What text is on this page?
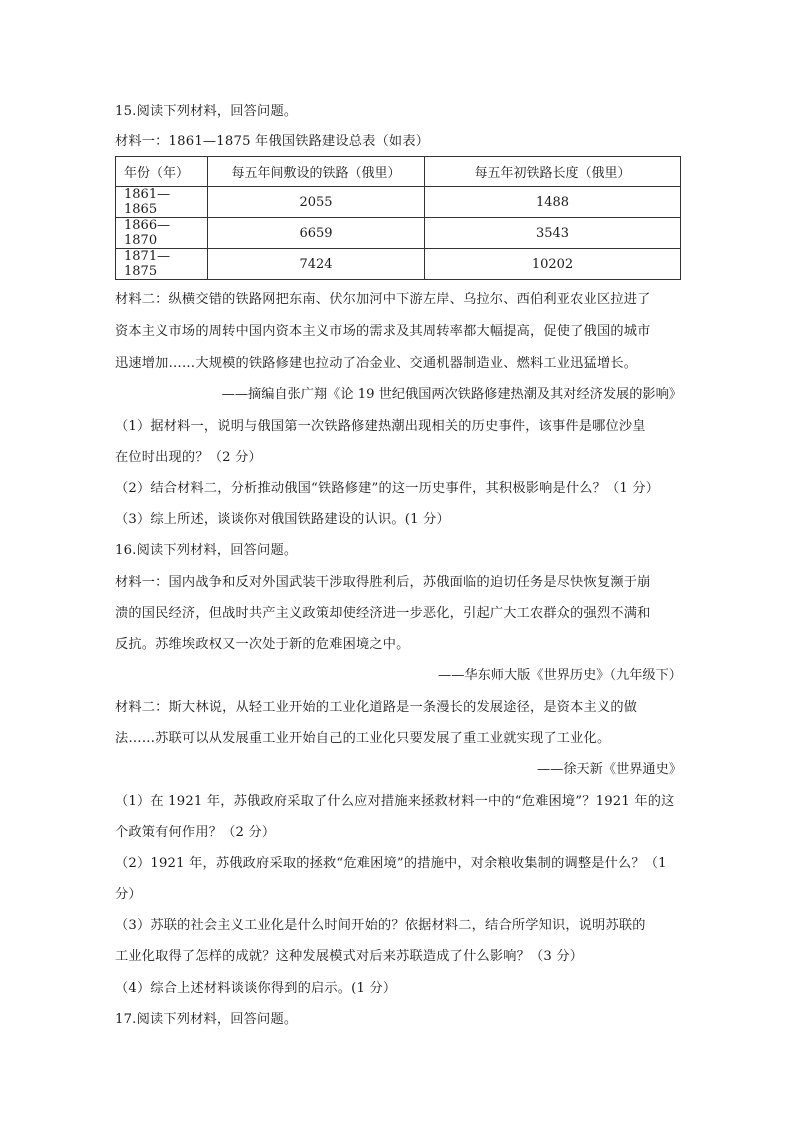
15.阅读下列材料，回答问题。
材料一：1861—1875 年俄国铁路建设总表（如表）
年份（年）	每五年间敷设的铁路（俄里）	每五年初铁路长度（俄里）
1861—1865	2055	1488
1866—1870	6659	3543
1871—1875	7424	10202
材料二：纵横交错的铁路网把东南、伏尔加河中下游左岸、乌拉尔、西伯利亚农业区拉进了
资本主义市场的周转中国内资本主义市场的需求及其周转率都大幅提高，促使了俄国的城市
迅速增加……大规模的铁路修建也拉动了冶金业、交通机器制造业、燃料工业迅猛增长。
——摘编自张广翔《论 19 世纪俄国两次铁路修建热潮及其对经济发展的影响》
（1）据材料一，说明与俄国第一次铁路修建热潮出现相关的历史事件，该事件是哪位沙皇
在位时出现的？（2 分）
（2）结合材料二，分析推动俄国“铁路修建”的这一历史事件，其积极影响是什么？（1 分）
（3）综上所述，谈谈你对俄国铁路建设的认识。(1 分）
16.阅读下列材料，回答问题。
材料一：国内战争和反对外国武装干涉取得胜利后，苏俄面临的迫切任务是尽快恢复濒于崩
溃的国民经济，但战时共产主义政策却使经济进一步恶化，引起广大工农群众的强烈不满和
反抗。苏维埃政权又一次处于新的危难困境之中。
——华东师大版《世界历史》（九年级下）
材料二：斯大林说，从轻工业开始的工业化道路是一条漫长的发展途径，是资本主义的做
法……苏联可以从发展重工业开始自己的工业化只要发展了重工业就实现了工业化。
——徐天新《世界通史》
（1）在 1921 年，苏俄政府采取了什么应对措施来拯救材料一中的“危难困境”？1921 年的这
个政策有何作用？（2 分）
（2）1921 年，苏俄政府采取的拯救“危难困境”的措施中，对余粮收集制的调整是什么？（1
分）
（3）苏联的社会主义工业化是什么时间开始的？依据材料二，结合所学知识，说明苏联的
工业化取得了怎样的成就？这种发展模式对后来苏联造成了什么影响？（3 分）
（4）综合上述材料谈谈你得到的启示。(1 分）
17.阅读下列材料，回答问题。
